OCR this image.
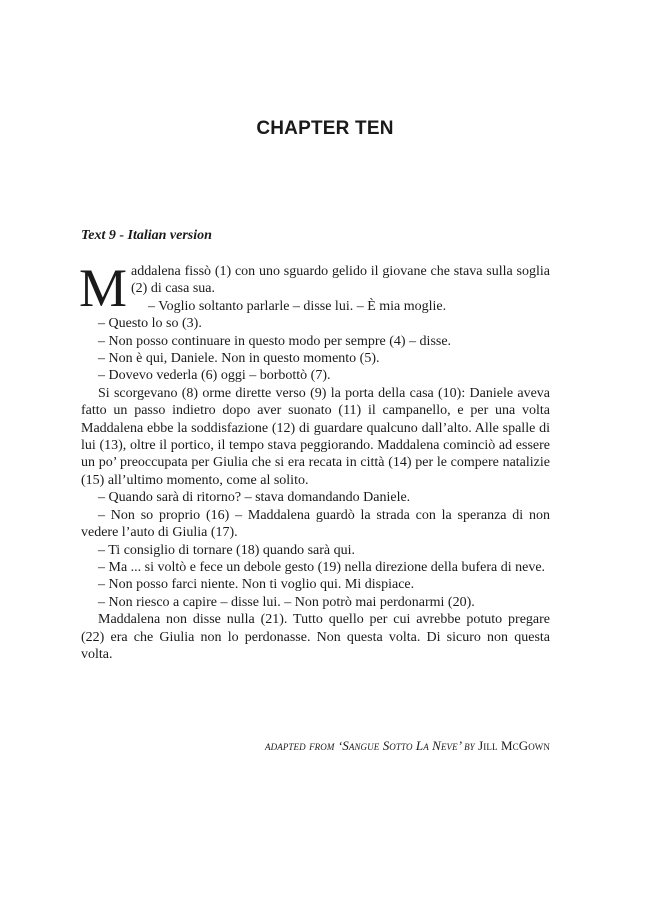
CHAPTER TEN
Text 9 - Italian version

Maddalena fissò (1) con uno sguardo gelido il giovane che stava sulla soglia (2) di casa sua.

– Voglio soltanto parlarle – disse lui. – È mia moglie.

– Questo lo so (3).

– Non posso continuare in questo modo per sempre (4) – disse.

– Non è qui, Daniele. Non in questo momento (5).

– Dovevo vederla (6) oggi – borbottò (7).

Si scorgevano (8) orme dirette verso (9) la porta della casa (10): Daniele aveva fatto un passo indietro dopo aver suonato (11) il campanello, e per una volta Maddalena ebbe la soddisfazione (12) di guardare qualcuno dall’alto. Alle spalle di lui (13), oltre il portico, il tempo stava peggiorando. Maddalena cominciò ad essere un po’ preoccupata per Giulia che si era recata in città (14) per le compere natalizie (15) all’ultimo momento, come al solito.

– Quando sarà di ritorno? – stava domandando Daniele.

– Non so proprio (16) – Maddalena guardò la strada con la speranza di non vedere l’auto di Giulia (17).

– Ti consiglio di tornare (18) quando sarà qui.

– Ma ... si voltò e fece un debole gesto (19) nella direzione della bufera di neve.

– Non posso farci niente. Non ti voglio qui. Mi dispiace.

– Non riesco a capire – disse lui. – Non potrò mai perdonarmi (20).

Maddalena non disse nulla (21). Tutto quello per cui avrebbe potuto pregare (22) era che Giulia non lo perdonasse. Non questa volta. Di sicuro non questa volta.

adapted from ‘Sangue Sotto La Neve’ by Jill McGown
